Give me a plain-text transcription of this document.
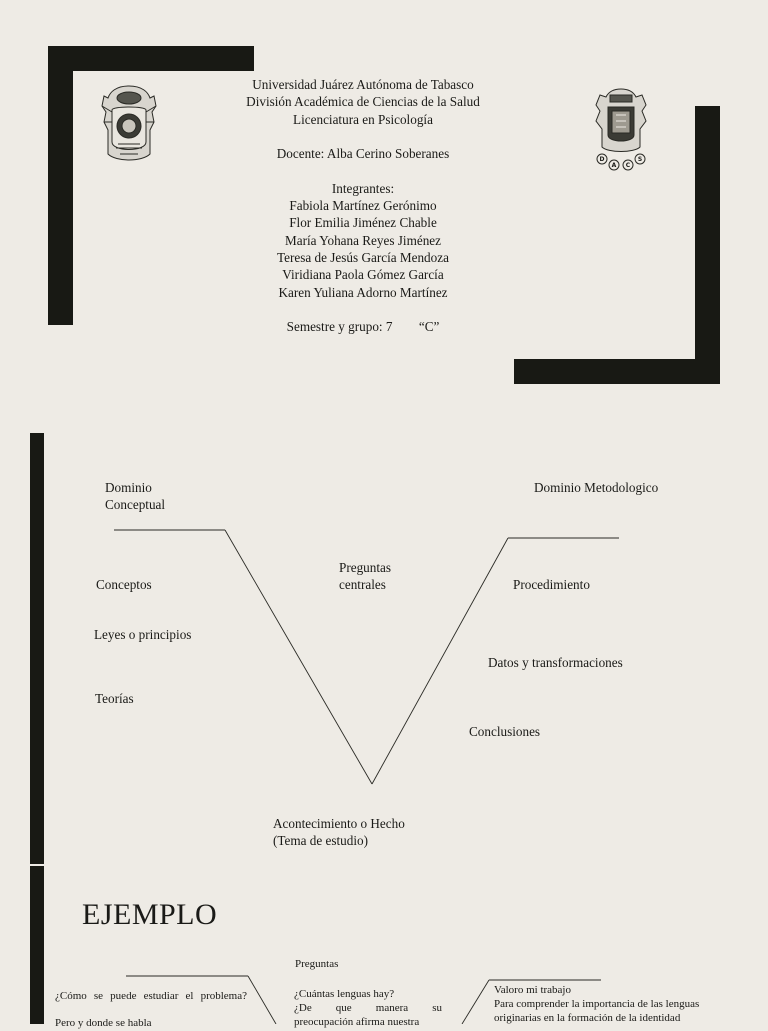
D
A C
S
Universidad Juárez Autónoma de Tabasco
División Académica de Ciencias de la Salud
Licenciatura en Psicología
Docente: Alba Cerino Soberanes
Integrantes:
Fabiola Martínez Gerónimo
Flor Emilia Jiménez Chable
María Yohana Reyes Jiménez
Teresa de Jesús García Mendoza
Viridiana Paola Gómez García
Karen Yuliana Adorno Martínez
Semestre y grupo: 7        “C”
Dominio
Conceptual
Dominio Metodologico
Preguntas
centrales
Conceptos
Leyes o principios
Teorías
Procedimiento
Datos y transformaciones
Conclusiones
Acontecimiento o Hecho
(Tema de estudio)
EJEMPLO
Preguntas
¿Cómo se puede estudiar el problema?
Pero y donde se habla
¿Cuántas lenguas hay?
¿De que manera su
preocupación afirma nuestra
Valoro mi trabajo
Para comprender la importancia de las lenguas originarias en la formación de la identidad
